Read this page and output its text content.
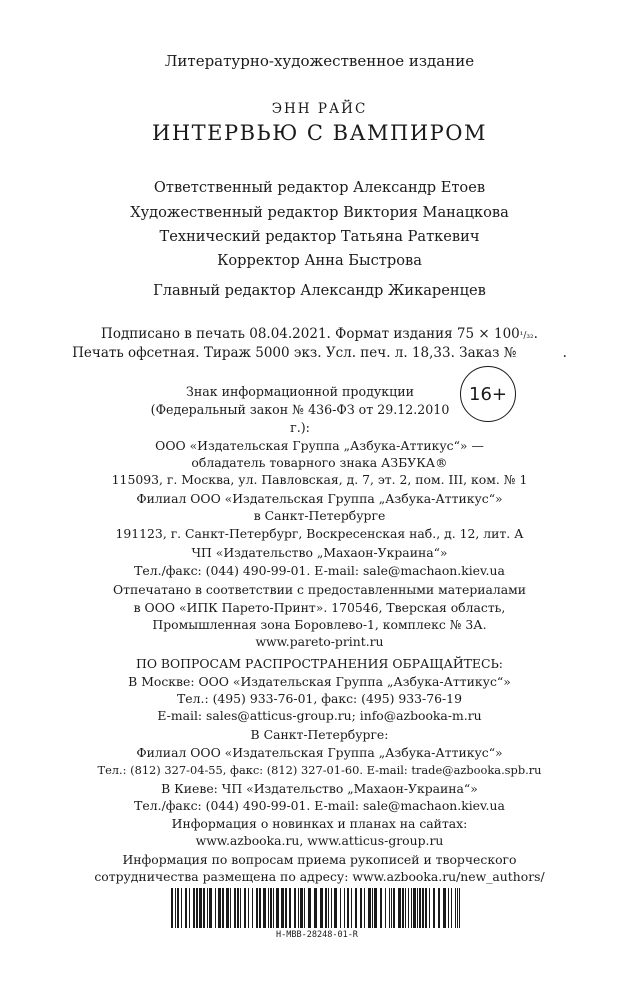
Литературно-художественное издание
ЭНН РАЙС
ИНТЕРВЬЮ С ВАМПИРОМ
Ответственный редактор Александр Етоев
Художественный редактор Виктория Манацкова
Технический редактор Татьяна Раткевич
Корректор Анна Быстрова
Главный редактор Александр Жикаренцев
Подписано в печать 08.04.2021. Формат издания 75 × 100¹/₃₂.
Печать офсетная. Тираж 5000 экз. Усл. печ. л. 18,33. Заказ №	.
Знак информационной продукции
(Федеральный закон № 436-ФЗ от 29.12.2010 г.):
16+
ООО «Издательская Группа „Азбука-Аттикус“» —
обладатель товарного знака АЗБУКА®
115093, г. Москва, ул. Павловская, д. 7, эт. 2, пом. III, ком. № 1
Филиал ООО «Издательская Группа „Азбука-Аттикус“»
в Санкт-Петербурге
191123, г. Санкт-Петербург, Воскресенская наб., д. 12, лит. А
ЧП «Издательство „Махаон-Украина“»
Тел./факс: (044) 490-99-01. E-mail: sale@machaon.kiev.ua
Отпечатано в соответствии с предоставленными материалами
в ООО «ИПК Парето-Принт». 170546, Тверская область,
Промышленная зона Боровлево-1, комплекс № 3А.
www.pareto-print.ru
ПО ВОПРОСАМ РАСПРОСТРАНЕНИЯ ОБРАЩАЙТЕСЬ:
В Москве: ООО «Издательская Группа „Азбука-Аттикус“»
Тел.: (495) 933-76-01, факс: (495) 933-76-19
E-mail: sales@atticus-group.ru; info@azbooka-m.ru
В Санкт-Петербурге:
Филиал ООО «Издательская Группа „Азбука-Аттикус“»
Тел.: (812) 327-04-55, факс: (812) 327-01-60. E-mail: trade@azbooka.spb.ru
В Киеве: ЧП «Издательство „Махаон-Украина“»
Тел./факс: (044) 490-99-01. E-mail: sale@machaon.kiev.ua
Информация о новинках и планах на сайтах:
www.azbooka.ru, www.atticus-group.ru
Информация по вопросам приема рукописей и творческого
сотрудничества размещена по адресу: www.azbooka.ru/new_authors/
Н-МВВ-28248-01-R
